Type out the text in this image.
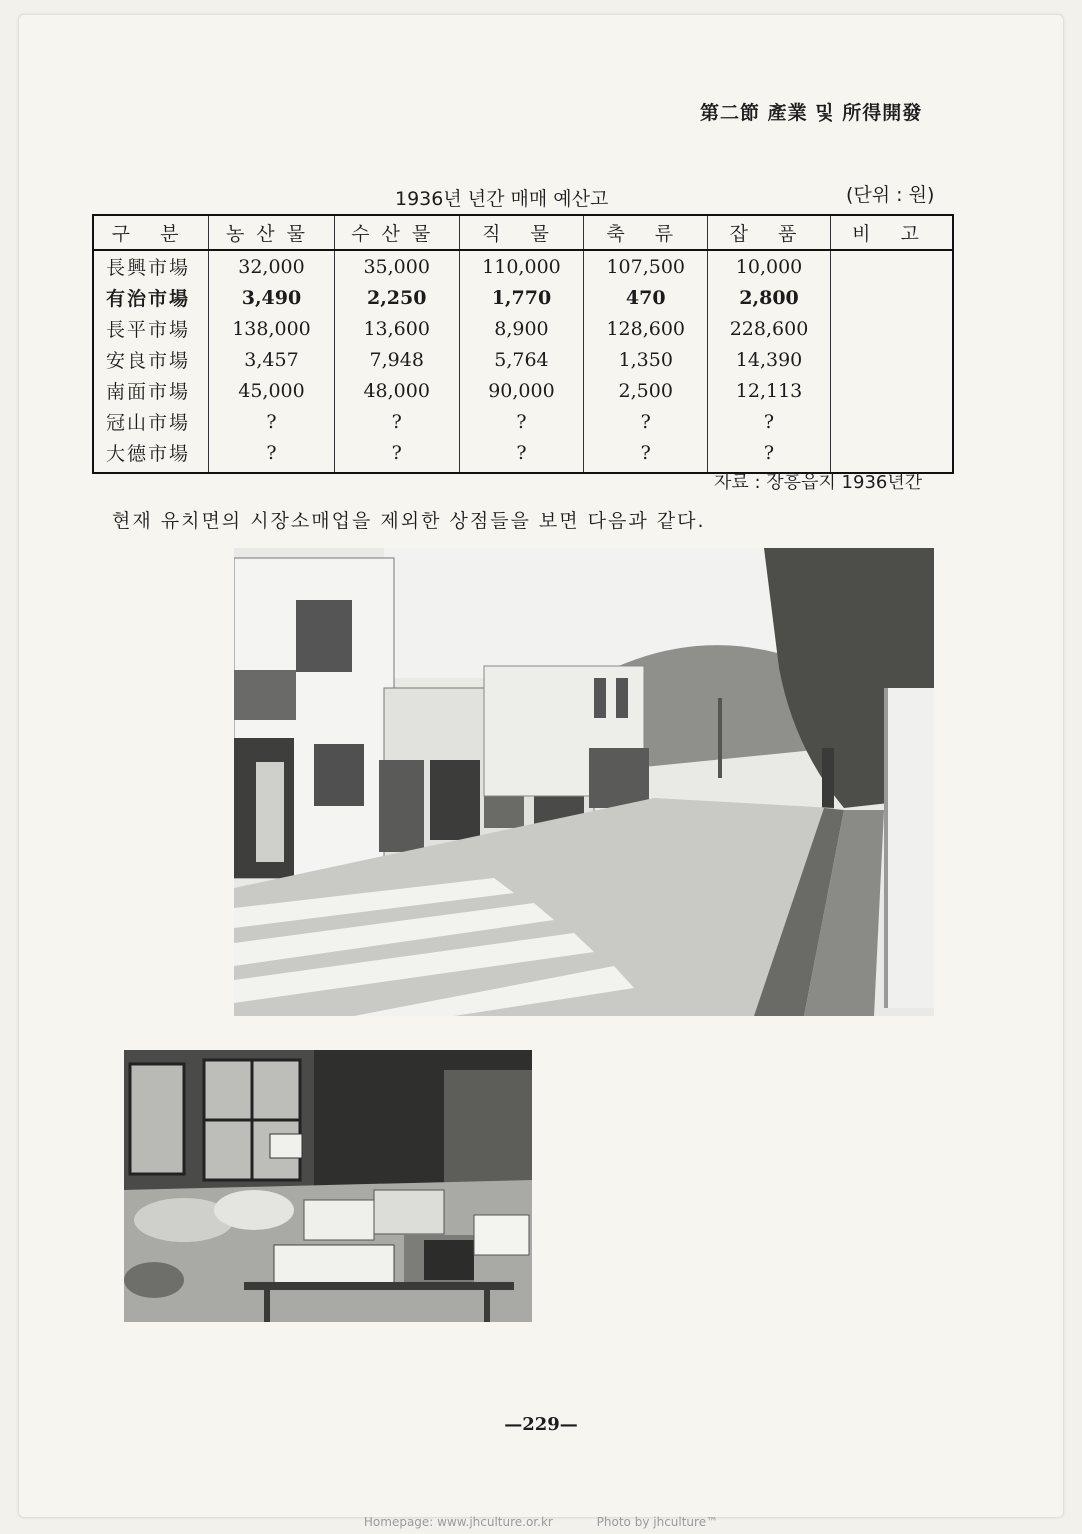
第二節 產業 및 所得開發
1936년 년간 매매 예산고	(단위 : 원)
구 분	농산물	수산물	직 물	축 류	잡 품	비 고
長興市場	32,000	35,000	110,000	107,500	10,000	
有治市場	3,490	2,250	1,770	470	2,800	
長平市場	138,000	13,600	8,900	128,600	228,600	
安良市場	3,457	7,948	5,764	1,350	14,390	
南面市場	45,000	48,000	90,000	2,500	12,113	
冠山市場	?	?	?	?	?	
大德市場	?	?	?	?	?	
자료 : 장흥읍지 1936년간
현재 유치면의 시장소매업을 제외한 상점들을 보면 다음과 같다.
—229—
Homepage: www.jhculture.or.kr	Photo by jhculture™
